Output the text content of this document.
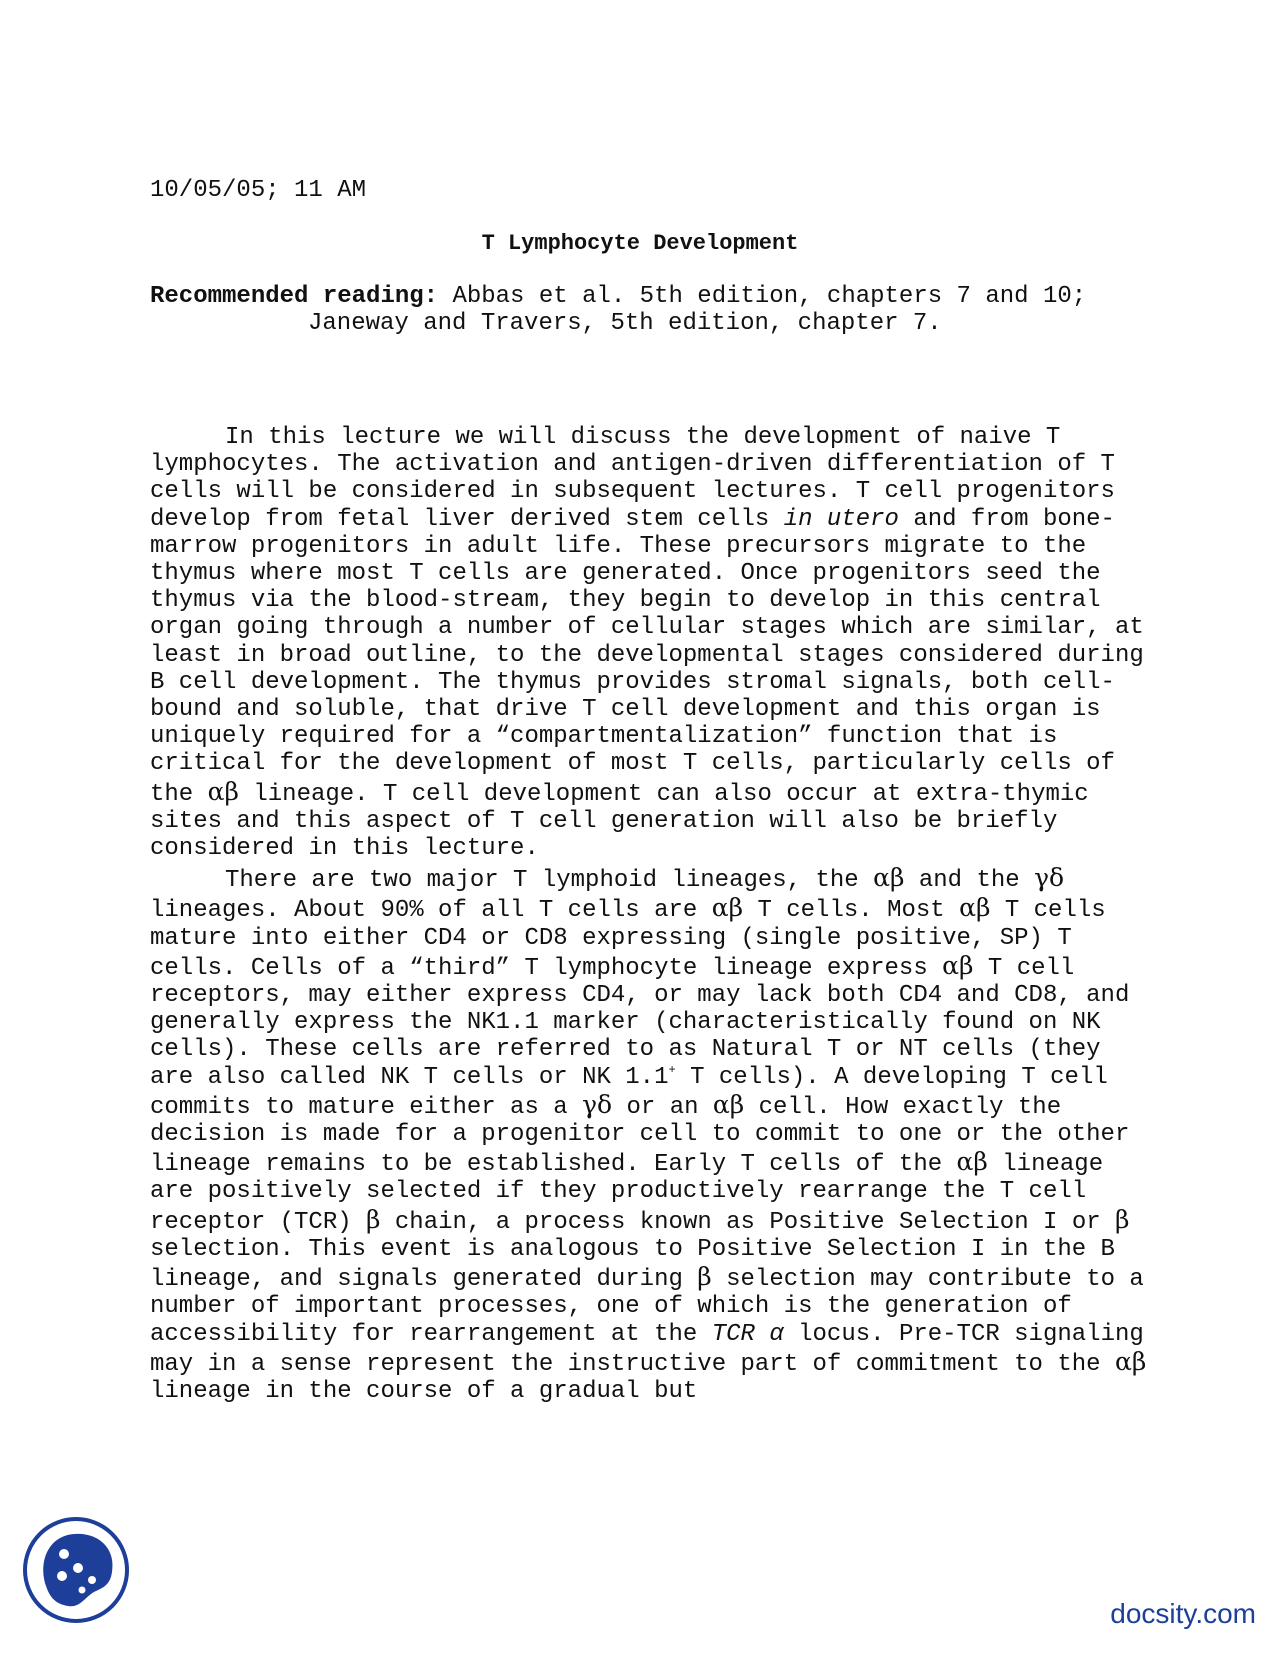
10/05/05; 11 AM

T Lymphocyte Development

Recommended reading: Abbas et al. 5th edition, chapters 7 and 10;
Janeway and Travers, 5th edition, chapter 7.

In this lecture we will discuss the development of naive T lymphocytes. The activation and antigen-driven differentiation of T cells will be considered in subsequent lectures. T cell progenitors develop from fetal liver derived stem cells in utero and from bone-marrow progenitors in adult life. These precursors migrate to the thymus where most T cells are generated. Once progenitors seed the thymus via the blood-stream, they begin to develop in this central organ going through a number of cellular stages which are similar, at least in broad outline, to the developmental stages considered during B cell development. The thymus provides stromal signals, both cell-bound and soluble, that drive T cell development and this organ is uniquely required for a “compartmentalization” function that is critical for the development of most T cells, particularly cells of the αβ lineage. T cell development can also occur at extra-thymic sites and this aspect of T cell generation will also be briefly considered in this lecture.

There are two major T lymphoid lineages, the αβ and the γδ lineages. About 90% of all T cells are αβ T cells. Most αβ T cells mature into either CD4 or CD8 expressing (single positive, SP) T cells. Cells of a “third” T lymphocyte lineage express αβ T cell receptors, may either express CD4, or may lack both CD4 and CD8, and generally express the NK1.1 marker (characteristically found on NK cells). These cells are referred to as Natural T or NT cells (they are also called NK T cells or NK 1.1+ T cells). A developing T cell commits to mature either as a γδ or an αβ cell. How exactly the decision is made for a progenitor cell to commit to one or the other lineage remains to be established. Early T cells of the αβ lineage are positively selected if they productively rearrange the T cell receptor (TCR) β chain, a process known as Positive Selection I or β selection. This event is analogous to Positive Selection I in the B lineage, and signals generated during β selection may contribute to a number of important processes, one of which is the generation of accessibility for rearrangement at the TCR α locus. Pre-TCR signaling may in a sense represent the instructive part of commitment to the αβ lineage in the course of a gradual but

docsity.com
